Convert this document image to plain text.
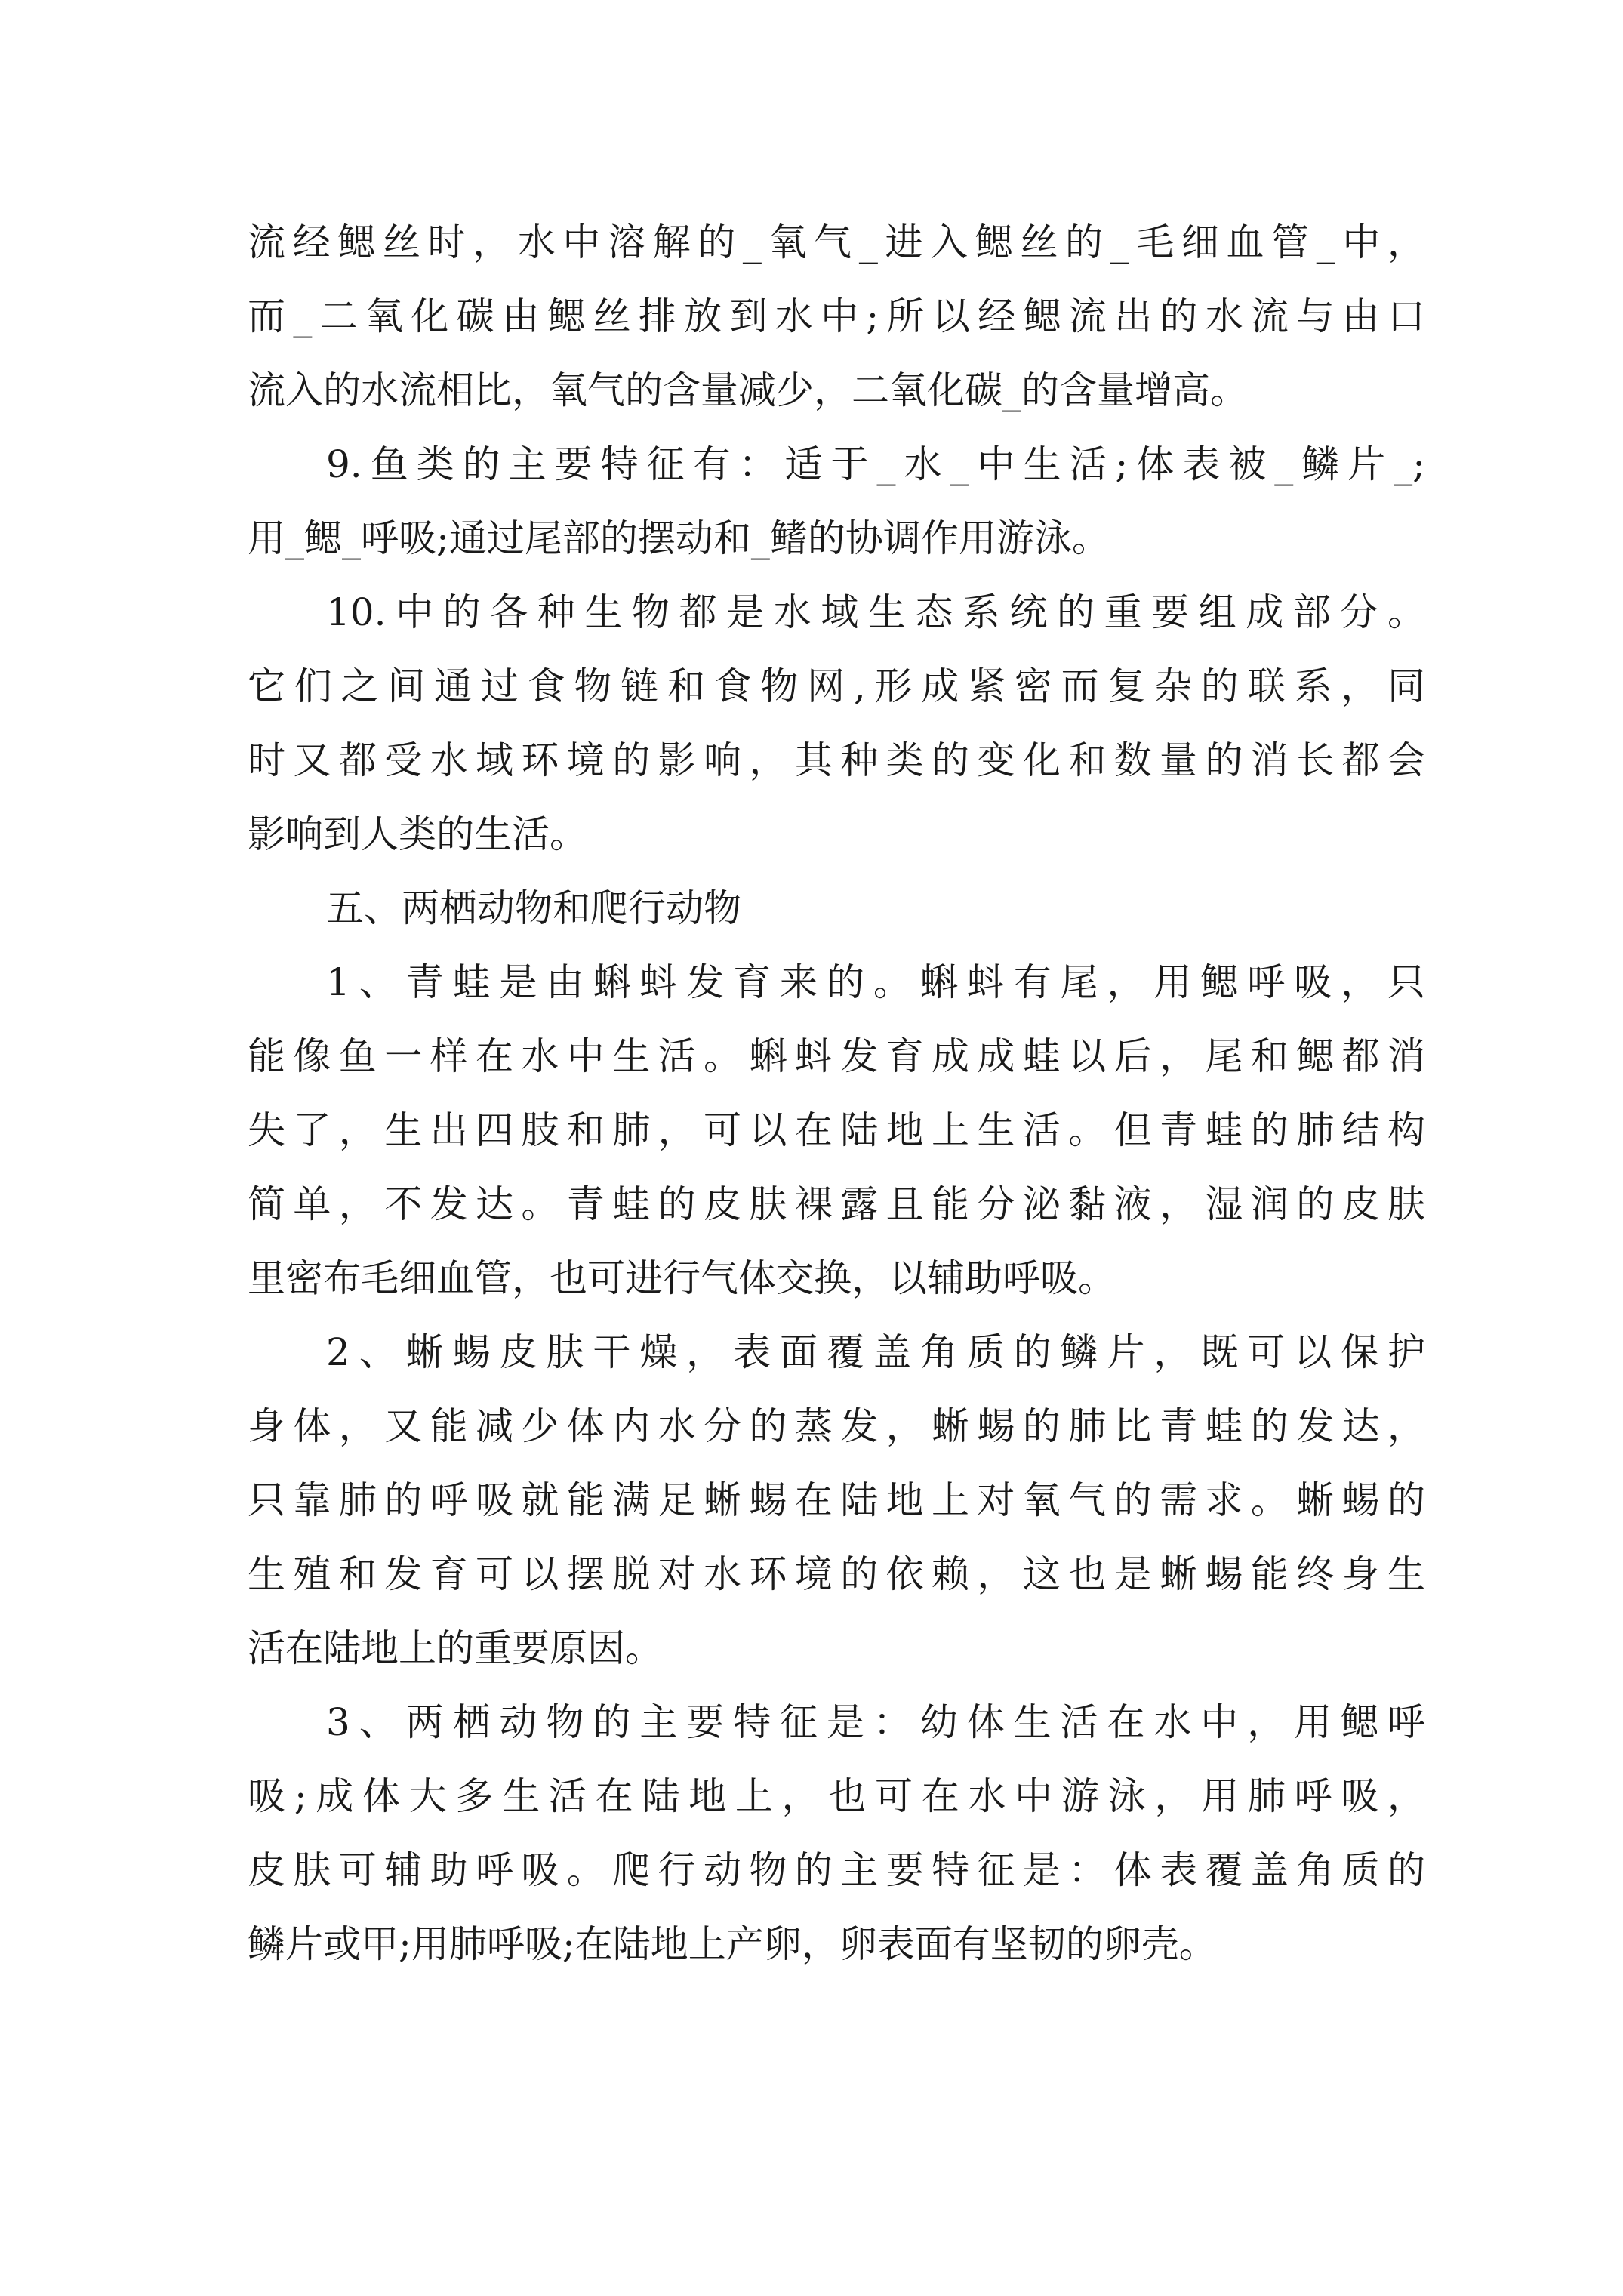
流经鳃丝时，水中溶解的_氧气_进入鳃丝的_毛细血管_中，
而_二氧化碳由鳃丝排放到水中;所以经鳃流出的水流与由口
流入的水流相比，氧气的含量减少，二氧化碳_的含量增高。
9.鱼类的主要特征有：适于_水_中生活;体表被_鳞片_;
用_鳃_呼吸;通过尾部的摆动和_鳍的协调作用游泳。
10.中的各种生物都是水域生态系统的重要组成部分。
它们之间通过食物链和食物网,形成紧密而复杂的联系，同
时又都受水域环境的影响，其种类的变化和数量的消长都会
影响到人类的生活。
五、两栖动物和爬行动物
1、青蛙是由蝌蚪发育来的。蝌蚪有尾，用鳃呼吸，只
能像鱼一样在水中生活。蝌蚪发育成成蛙以后，尾和鳃都消
失了，生出四肢和肺，可以在陆地上生活。但青蛙的肺结构
简单，不发达。青蛙的皮肤裸露且能分泌黏液，湿润的皮肤
里密布毛细血管，也可进行气体交换，以辅助呼吸。
2、蜥蜴皮肤干燥，表面覆盖角质的鳞片，既可以保护
身体，又能减少体内水分的蒸发，蜥蜴的肺比青蛙的发达，
只靠肺的呼吸就能满足蜥蜴在陆地上对氧气的需求。蜥蜴的
生殖和发育可以摆脱对水环境的依赖，这也是蜥蜴能终身生
活在陆地上的重要原因。
3、两栖动物的主要特征是：幼体生活在水中，用鳃呼
吸;成体大多生活在陆地上，也可在水中游泳，用肺呼吸，
皮肤可辅助呼吸。爬行动物的主要特征是：体表覆盖角质的
鳞片或甲;用肺呼吸;在陆地上产卵，卵表面有坚韧的卵壳。
